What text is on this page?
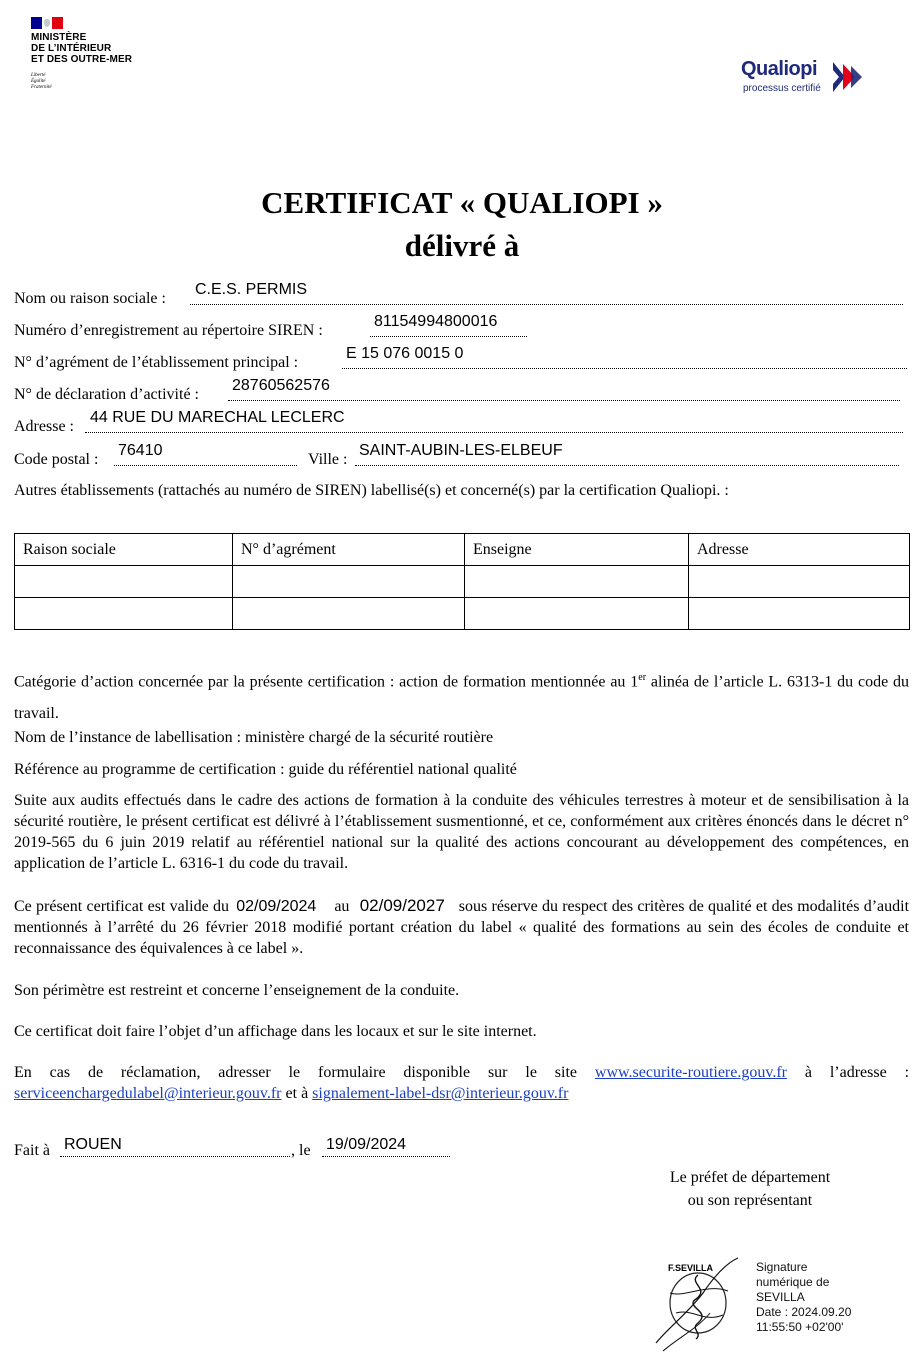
MINISTÈRE
DE L’INTÉRIEUR
ET DES OUTRE-MER
Liberté
Égalité
Fraternité
Qualiopi
processus certifié
CERTIFICAT « QUALIOPI »
délivré à
Nom ou raison sociale :
C.E.S. PERMIS
Numéro d’enregistrement au répertoire SIREN :
81154994800016
N° d’agrément de l’établissement principal :
E 15 076 0015 0
N° de déclaration d’activité :
28760562576
Adresse :
44 RUE DU MARECHAL LECLERC
Code postal :
76410
Ville :
SAINT-AUBIN-LES-ELBEUF
Autres établissements (rattachés au numéro de SIREN) labellisé(s) et concerné(s) par la certification Qualiopi. :
Raison sociale	N° d’agrément	Enseigne	Adresse

Catégorie d’action concernée par la présente certification : action de formation mentionnée au 1er alinéa de l’article L. 6313-1 du code du travail.
Nom de l’instance de labellisation : ministère chargé de la sécurité routière
Référence au programme de certification : guide du référentiel national qualité
Suite aux audits effectués dans le cadre des actions de formation à la conduite des véhicules terrestres à moteur et de sensibilisation à la sécurité routière, le présent certificat est délivré à l’établissement susmentionné, et ce, conformément aux critères énoncés dans le décret n° 2019-565 du 6 juin 2019 relatif au référentiel national sur la qualité des actions concourant au développement des compétences, en application de l’article L. 6316-1 du code du travail.
Ce présent certificat est valide du 02/09/2024 au 02/09/2027 sous réserve du respect des critères de qualité et des modalités d’audit mentionnés à l’arrêté du 26 février 2018 modifié portant création du label « qualité des formations au sein des écoles de conduite et reconnaissance des équivalences à ce label ».
Son périmètre est restreint et concerne l’enseignement de la conduite.
Ce certificat doit faire l’objet d’un affichage dans les locaux et sur le site internet.
En cas de réclamation, adresser le formulaire disponible sur le site www.securite-routiere.gouv.fr à l’adresse : serviceenchargedulabel@interieur.gouv.fr et à signalement-label-dsr@interieur.gouv.fr
Fait à ROUEN	, le 19/09/2024
Le préfet de département
ou son représentant
F.SEVILLA	Signature
numérique de
SEVILLA
Date : 2024.09.20
11:55:50 +02'00'
